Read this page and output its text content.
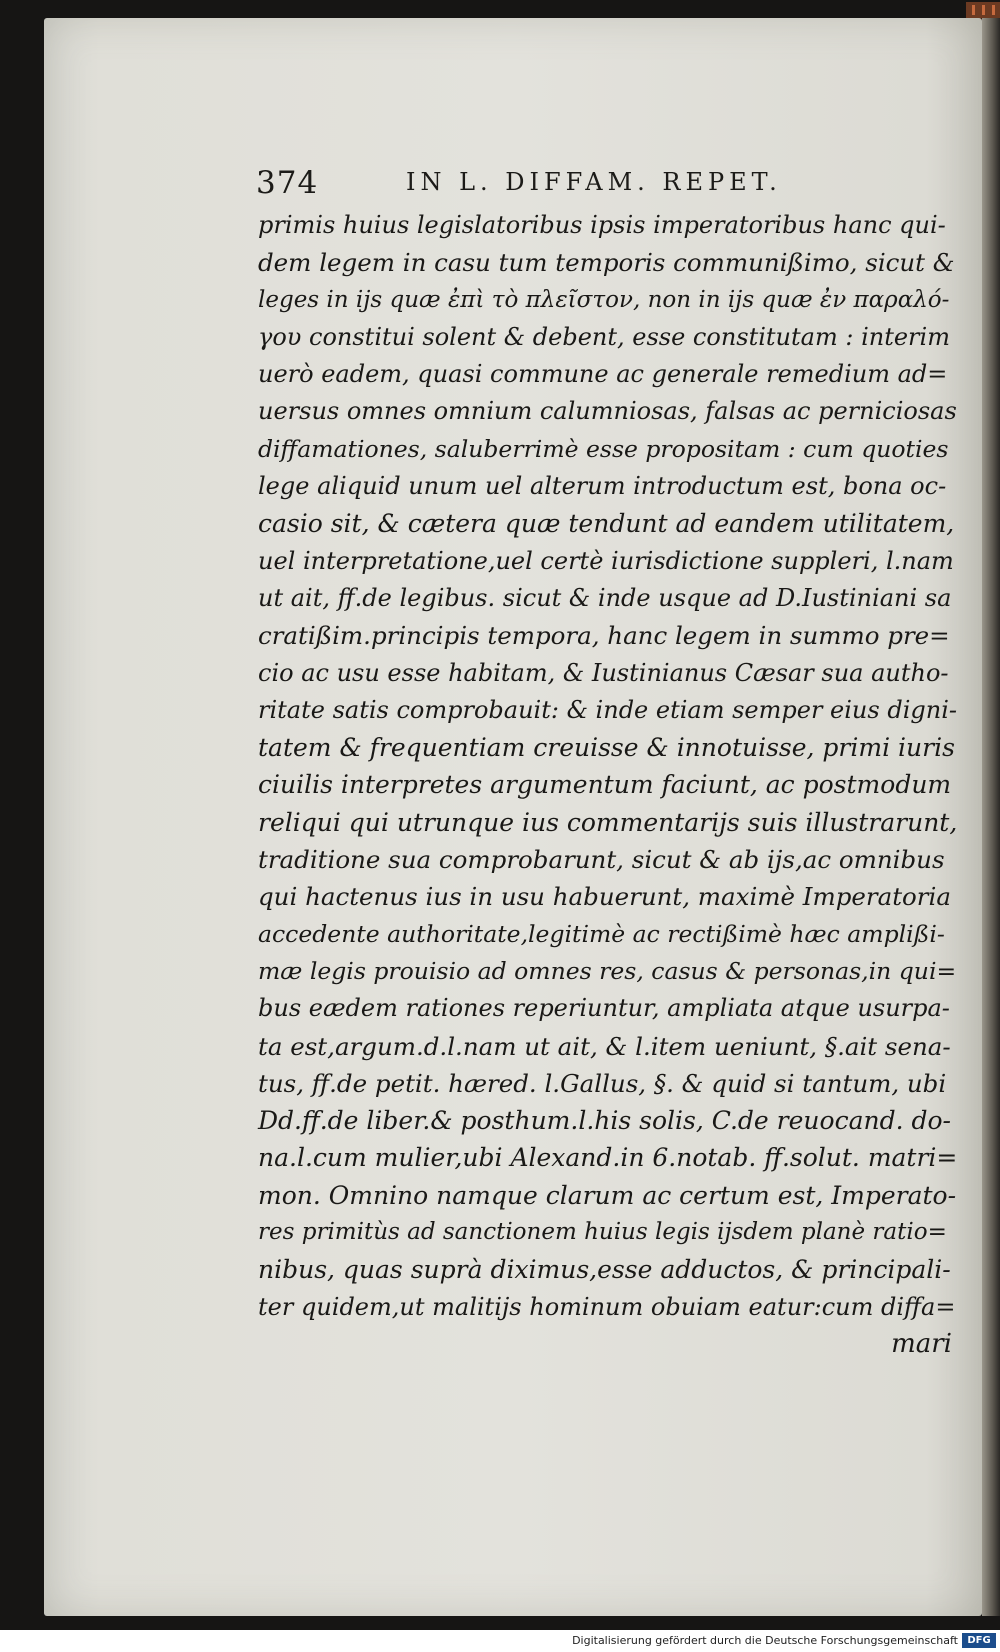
374	IN L. DIFFAM. REPET.
primis huius legislatoribus ipsis imperatoribus hanc qui-
dem legem in casu tum temporis communißimo, sicut &
leges in ijs quæ ἐπὶ τὸ πλεῖστον, non in ijs quæ ἐν παραλό-
γου constitui solent & debent, esse constitutam : interim
uerò eadem, quasi commune ac generale remedium ad=
uersus omnes omnium calumniosas, falsas ac perniciosas
diffamationes, saluberrimè esse propositam : cum quoties
lege aliquid unum uel alterum introductum est, bona oc-
casio sit, & cætera quæ tendunt ad eandem utilitatem,
uel interpretatione,uel certè iurisdictione suppleri, l.nam
ut ait, ff.de legibus. sicut & inde usque ad D.Iustiniani sa
cratißim.principis tempora, hanc legem in summo pre=
cio ac usu esse habitam, & Iustinianus Cæsar sua autho-
ritate satis comprobauit: & inde etiam semper eius digni-
tatem & frequentiam creuisse & innotuisse, primi iuris
ciuilis interpretes argumentum faciunt, ac postmodum
reliqui qui utrunque ius commentarijs suis illustrarunt,
traditione sua comprobarunt, sicut & ab ijs,ac omnibus
qui hactenus ius in usu habuerunt, maximè Imperatoria
accedente authoritate,legitimè ac rectißimè hæc amplißi-
mæ legis prouisio ad omnes res, casus & personas,in qui=
bus eædem rationes reperiuntur, ampliata atque usurpa-
ta est,argum.d.l.nam ut ait, & l.item ueniunt, §.ait sena-
tus, ff.de petit. hæred. l.Gallus, §. & quid si tantum, ubi
Dd.ff.de liber.& posthum.l.his solis, C.de reuocand. do-
na.l.cum mulier,ubi Alexand.in 6.notab. ff.solut. matri=
mon. Omnino namque clarum ac certum est, Imperato-
res primitùs ad sanctionem huius legis ijsdem planè ratio=
nibus, quas suprà diximus,esse adductos, & principali-
ter quidem,ut malitijs hominum obuiam eatur:cum diffa=
mari
Digitalisierung gefördert durch die Deutsche Forschungsgemeinschaft DFG
